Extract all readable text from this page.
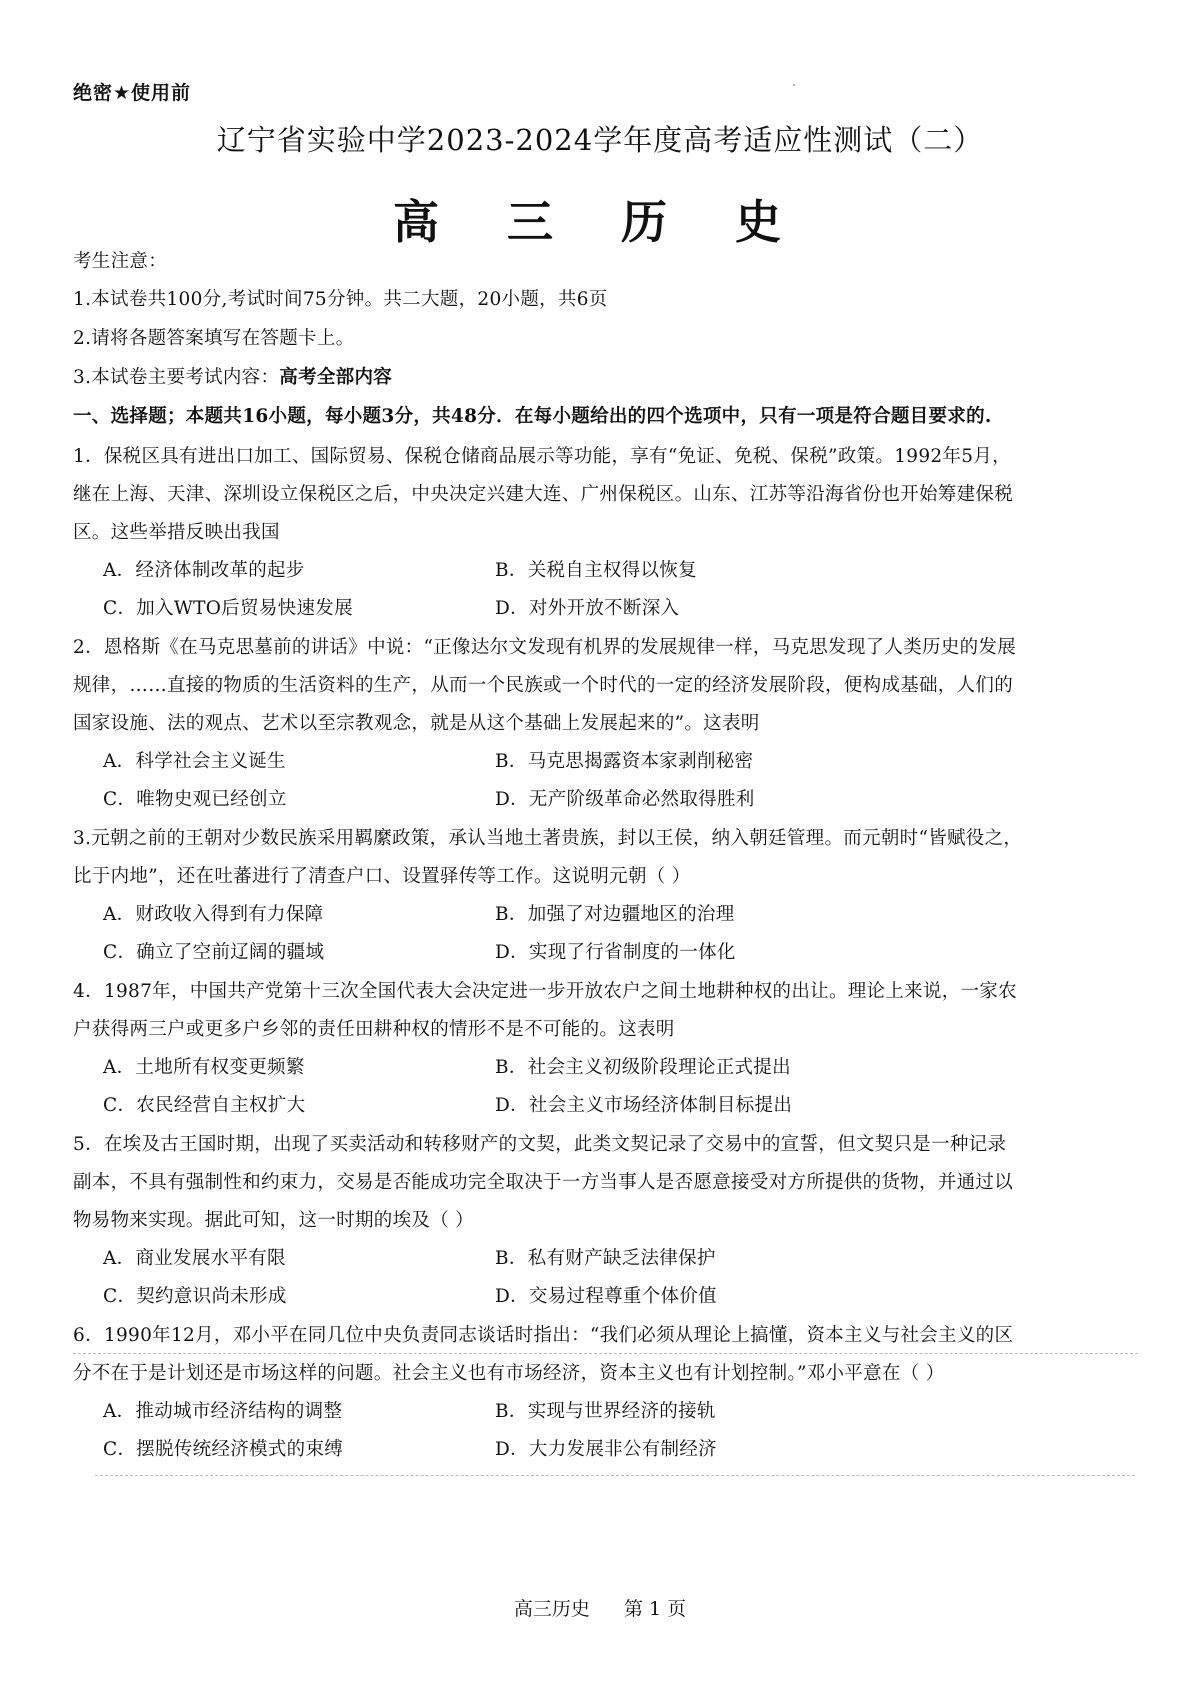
绝密★使用前
辽宁省实验中学2023-2024学年度高考适应性测试（二）
高 三 历 史
考生注意：
1.本试卷共100分,考试时间75分钟。共二大题，20小题，共6页
2.请将各题答案填写在答题卡上。
3.本试卷主要考试内容：高考全部内容
一、选择题；本题共16小题，每小题3分，共48分．在每小题给出的四个选项中，只有一项是符合题目要求的.
1．保税区具有进出口加工、国际贸易、保税仓储商品展示等功能，享有“免证、免税、保税”政策。1992年5月，
继在上海、天津、深圳设立保税区之后，中央决定兴建大连、广州保税区。山东、江苏等沿海省份也开始筹建保税
区。这些举措反映出我国
A．经济体制改革的起步	B．关税自主权得以恢复
C．加入WTO后贸易快速发展	D．对外开放不断深入
2．恩格斯《在马克思墓前的讲话》中说：“正像达尔文发现有机界的发展规律一样，马克思发现了人类历史的发展
规律，……直接的物质的生活资料的生产，从而一个民族或一个时代的一定的经济发展阶段，便构成基础，人们的
国家设施、法的观点、艺术以至宗教观念，就是从这个基础上发展起来的”。这表明
A．科学社会主义诞生	B．马克思揭露资本家剥削秘密
C．唯物史观已经创立	D．无产阶级革命必然取得胜利
3.元朝之前的王朝对少数民族采用羁縻政策，承认当地土著贵族，封以王侯，纳入朝廷管理。而元朝时“皆赋役之，
比于内地”，还在吐蕃进行了清查户口、设置驿传等工作。这说明元朝（ ）
A．财政收入得到有力保障	B．加强了对边疆地区的治理
C．确立了空前辽阔的疆域	D．实现了行省制度的一体化
4．1987年，中国共产党第十三次全国代表大会决定进一步开放农户之间土地耕种权的出让。理论上来说，一家农
户获得两三户或更多户乡邻的责任田耕种权的情形不是不可能的。这表明
A．土地所有权变更频繁	B．社会主义初级阶段理论正式提出
C．农民经营自主权扩大	D．社会主义市场经济体制目标提出
5．在埃及古王国时期，出现了买卖活动和转移财产的文契，此类文契记录了交易中的宣誓，但文契只是一种记录
副本，不具有强制性和约束力，交易是否能成功完全取决于一方当事人是否愿意接受对方所提供的货物，并通过以
物易物来实现。据此可知，这一时期的埃及（ ）
A．商业发展水平有限	B．私有财产缺乏法律保护
C．契约意识尚未形成	D．交易过程尊重个体价值
6．1990年12月，邓小平在同几位中央负责同志谈话时指出：“我们必须从理论上搞懂，资本主义与社会主义的区
分不在于是计划还是市场这样的问题。社会主义也有市场经济，资本主义也有计划控制。”邓小平意在（ ）
A．推动城市经济结构的调整	B．实现与世界经济的接轨
C．摆脱传统经济模式的束缚	D．大力发展非公有制经济
高三历史 第 1 页
